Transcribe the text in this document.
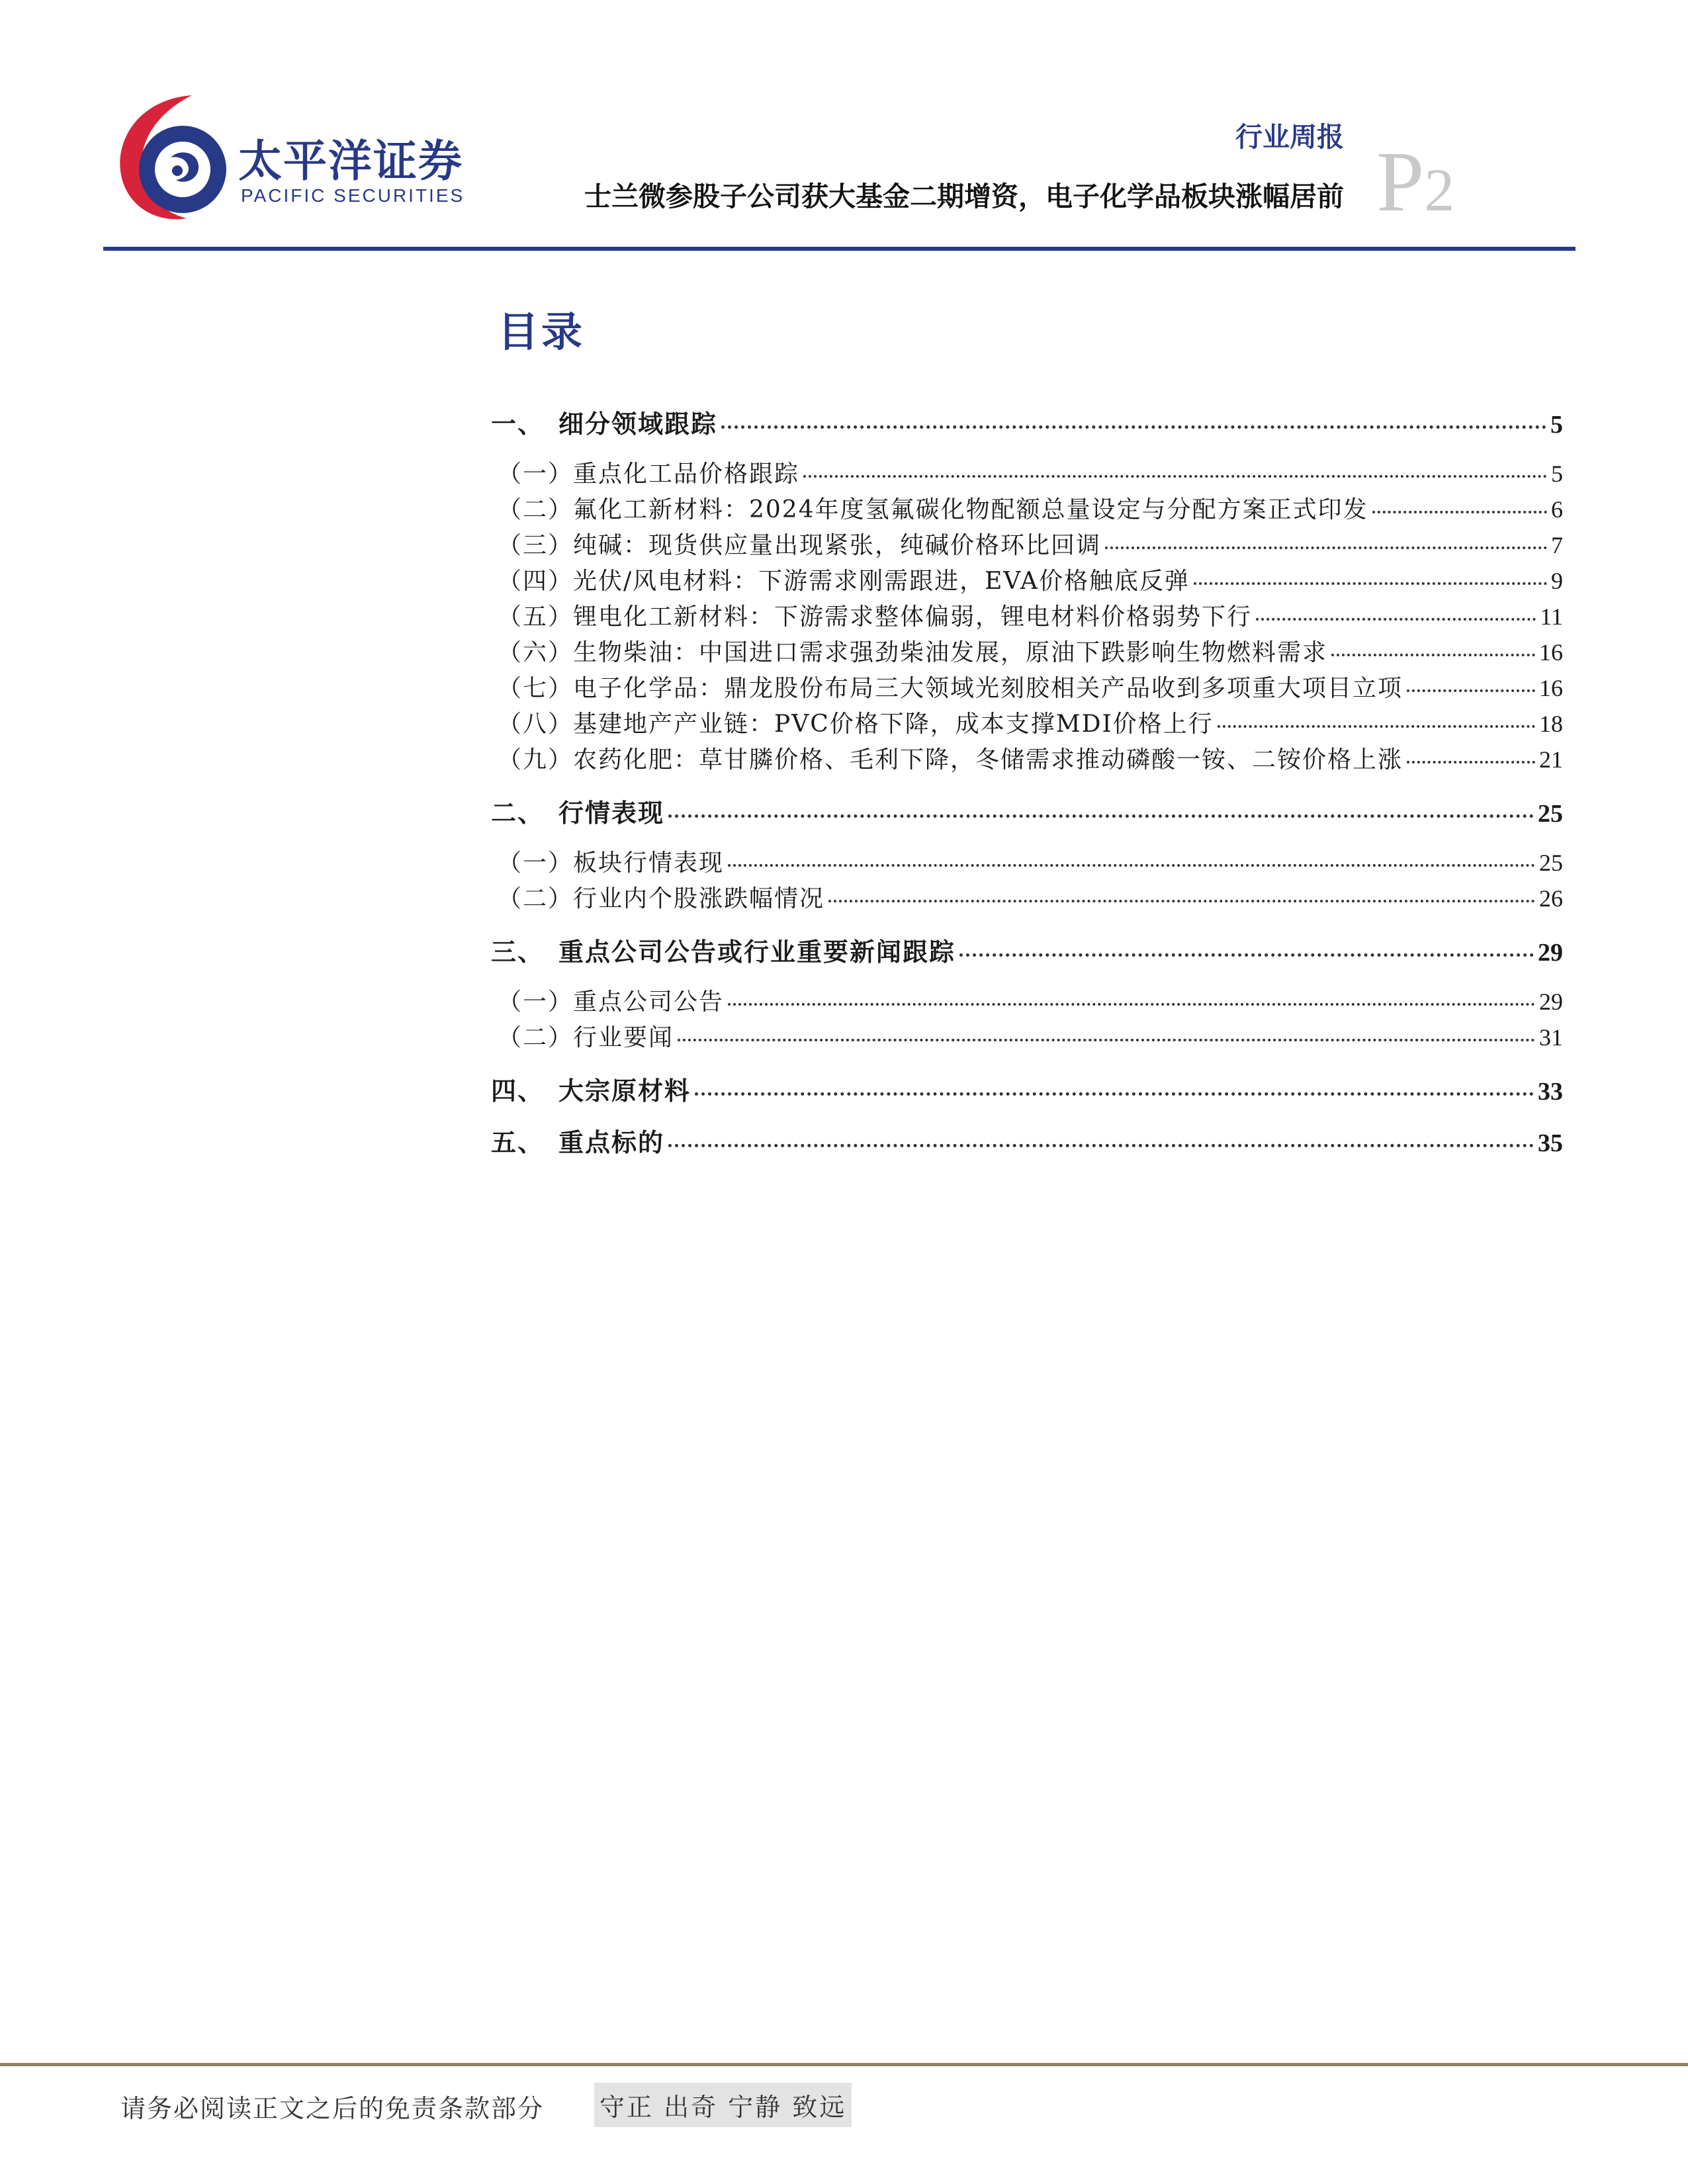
太平洋证券
PACIFIC SECURITIES
行业周报
士兰微参股子公司获大基金二期增资，电子化学品板块涨幅居前 P2
目录
一、 细分领域跟踪	5
（一）重点化工品价格跟踪	5
（二）氟化工新材料：2024年度氢氟碳化物配额总量设定与分配方案正式印发	6
（三）纯碱：现货供应量出现紧张，纯碱价格环比回调	7
（四）光伏/风电材料：下游需求刚需跟进，EVA价格触底反弹	9
（五）锂电化工新材料：下游需求整体偏弱，锂电材料价格弱势下行	11
（六）生物柴油：中国进口需求强劲柴油发展，原油下跌影响生物燃料需求	16
（七）电子化学品：鼎龙股份布局三大领域光刻胶相关产品收到多项重大项目立项	16
（八）基建地产产业链：PVC价格下降，成本支撑MDI价格上行	18
（九）农药化肥：草甘膦价格、毛利下降，冬储需求推动磷酸一铵、二铵价格上涨	21
二、 行情表现	25
（一）板块行情表现	25
（二）行业内个股涨跌幅情况	26
三、 重点公司公告或行业重要新闻跟踪	29
（一）重点公司公告	29
（二）行业要闻	31
四、 大宗原材料	33
五、 重点标的	35
请务必阅读正文之后的免责条款部分 守正 出奇 宁静 致远
